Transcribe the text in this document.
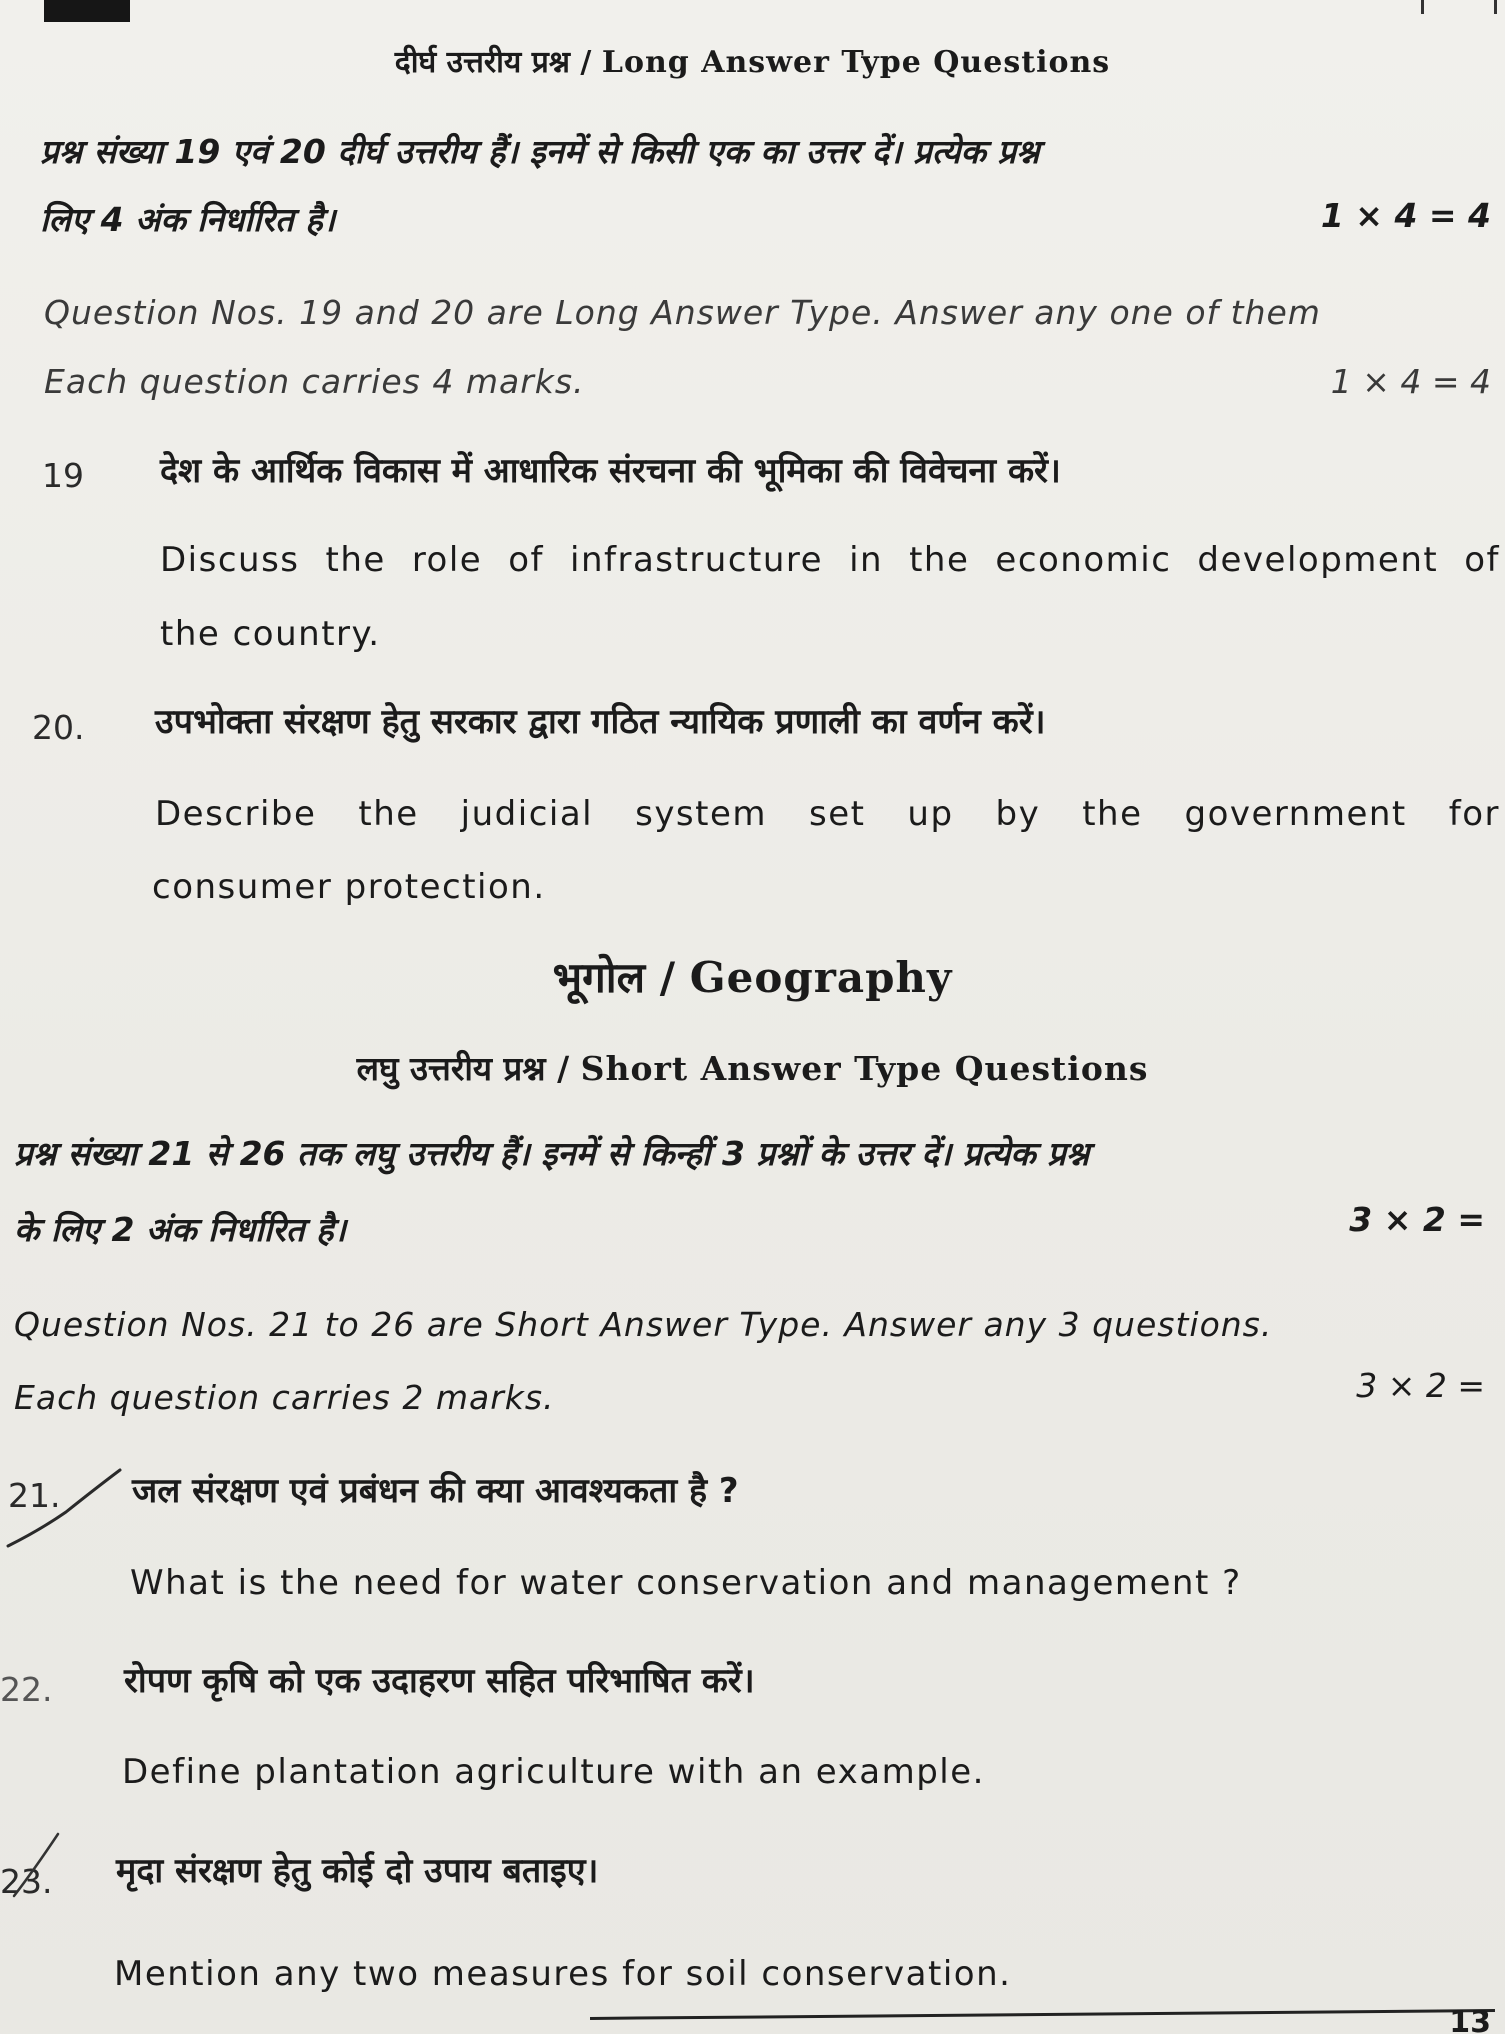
दीर्घ उत्तरीय प्रश्न / Long Answer Type Questions
प्रश्न संख्या 19 एवं 20 दीर्घ उत्तरीय हैं। इनमें से किसी एक का उत्तर दें। प्रत्येक प्रश्न
लिए 4 अंक निर्धारित है।	1 × 4 = 4
Question Nos. 19 and 20 are Long Answer Type. Answer any one of them
Each question carries 4 marks.	1 × 4 = 4
19 देश के आर्थिक विकास में आधारिक संरचना की भूमिका की विवेचना करें।
Discuss the role of infrastructure in the economic development of
the country.
20. उपभोक्ता संरक्षण हेतु सरकार द्वारा गठित न्यायिक प्रणाली का वर्णन करें।
Describe the judicial system set up by the government for
consumer protection.
भूगोल / Geography
लघु उत्तरीय प्रश्न / Short Answer Type Questions
प्रश्न संख्या 21 से 26 तक लघु उत्तरीय हैं। इनमें से किन्हीं 3 प्रश्नों के उत्तर दें। प्रत्येक प्रश्न
के लिए 2 अंक निर्धारित है।	3 × 2 =
Question Nos. 21 to 26 are Short Answer Type. Answer any 3 questions.
Each question carries 2 marks.	3 × 2 =
21. जल संरक्षण एवं प्रबंधन की क्या आवश्यकता है ?
What is the need for water conservation and management ?
22. रोपण कृषि को एक उदाहरण सहित परिभाषित करें।
Define plantation agriculture with an example.
23. मृदा संरक्षण हेतु कोई दो उपाय बताइए।
Mention any two measures for soil conservation.
13
